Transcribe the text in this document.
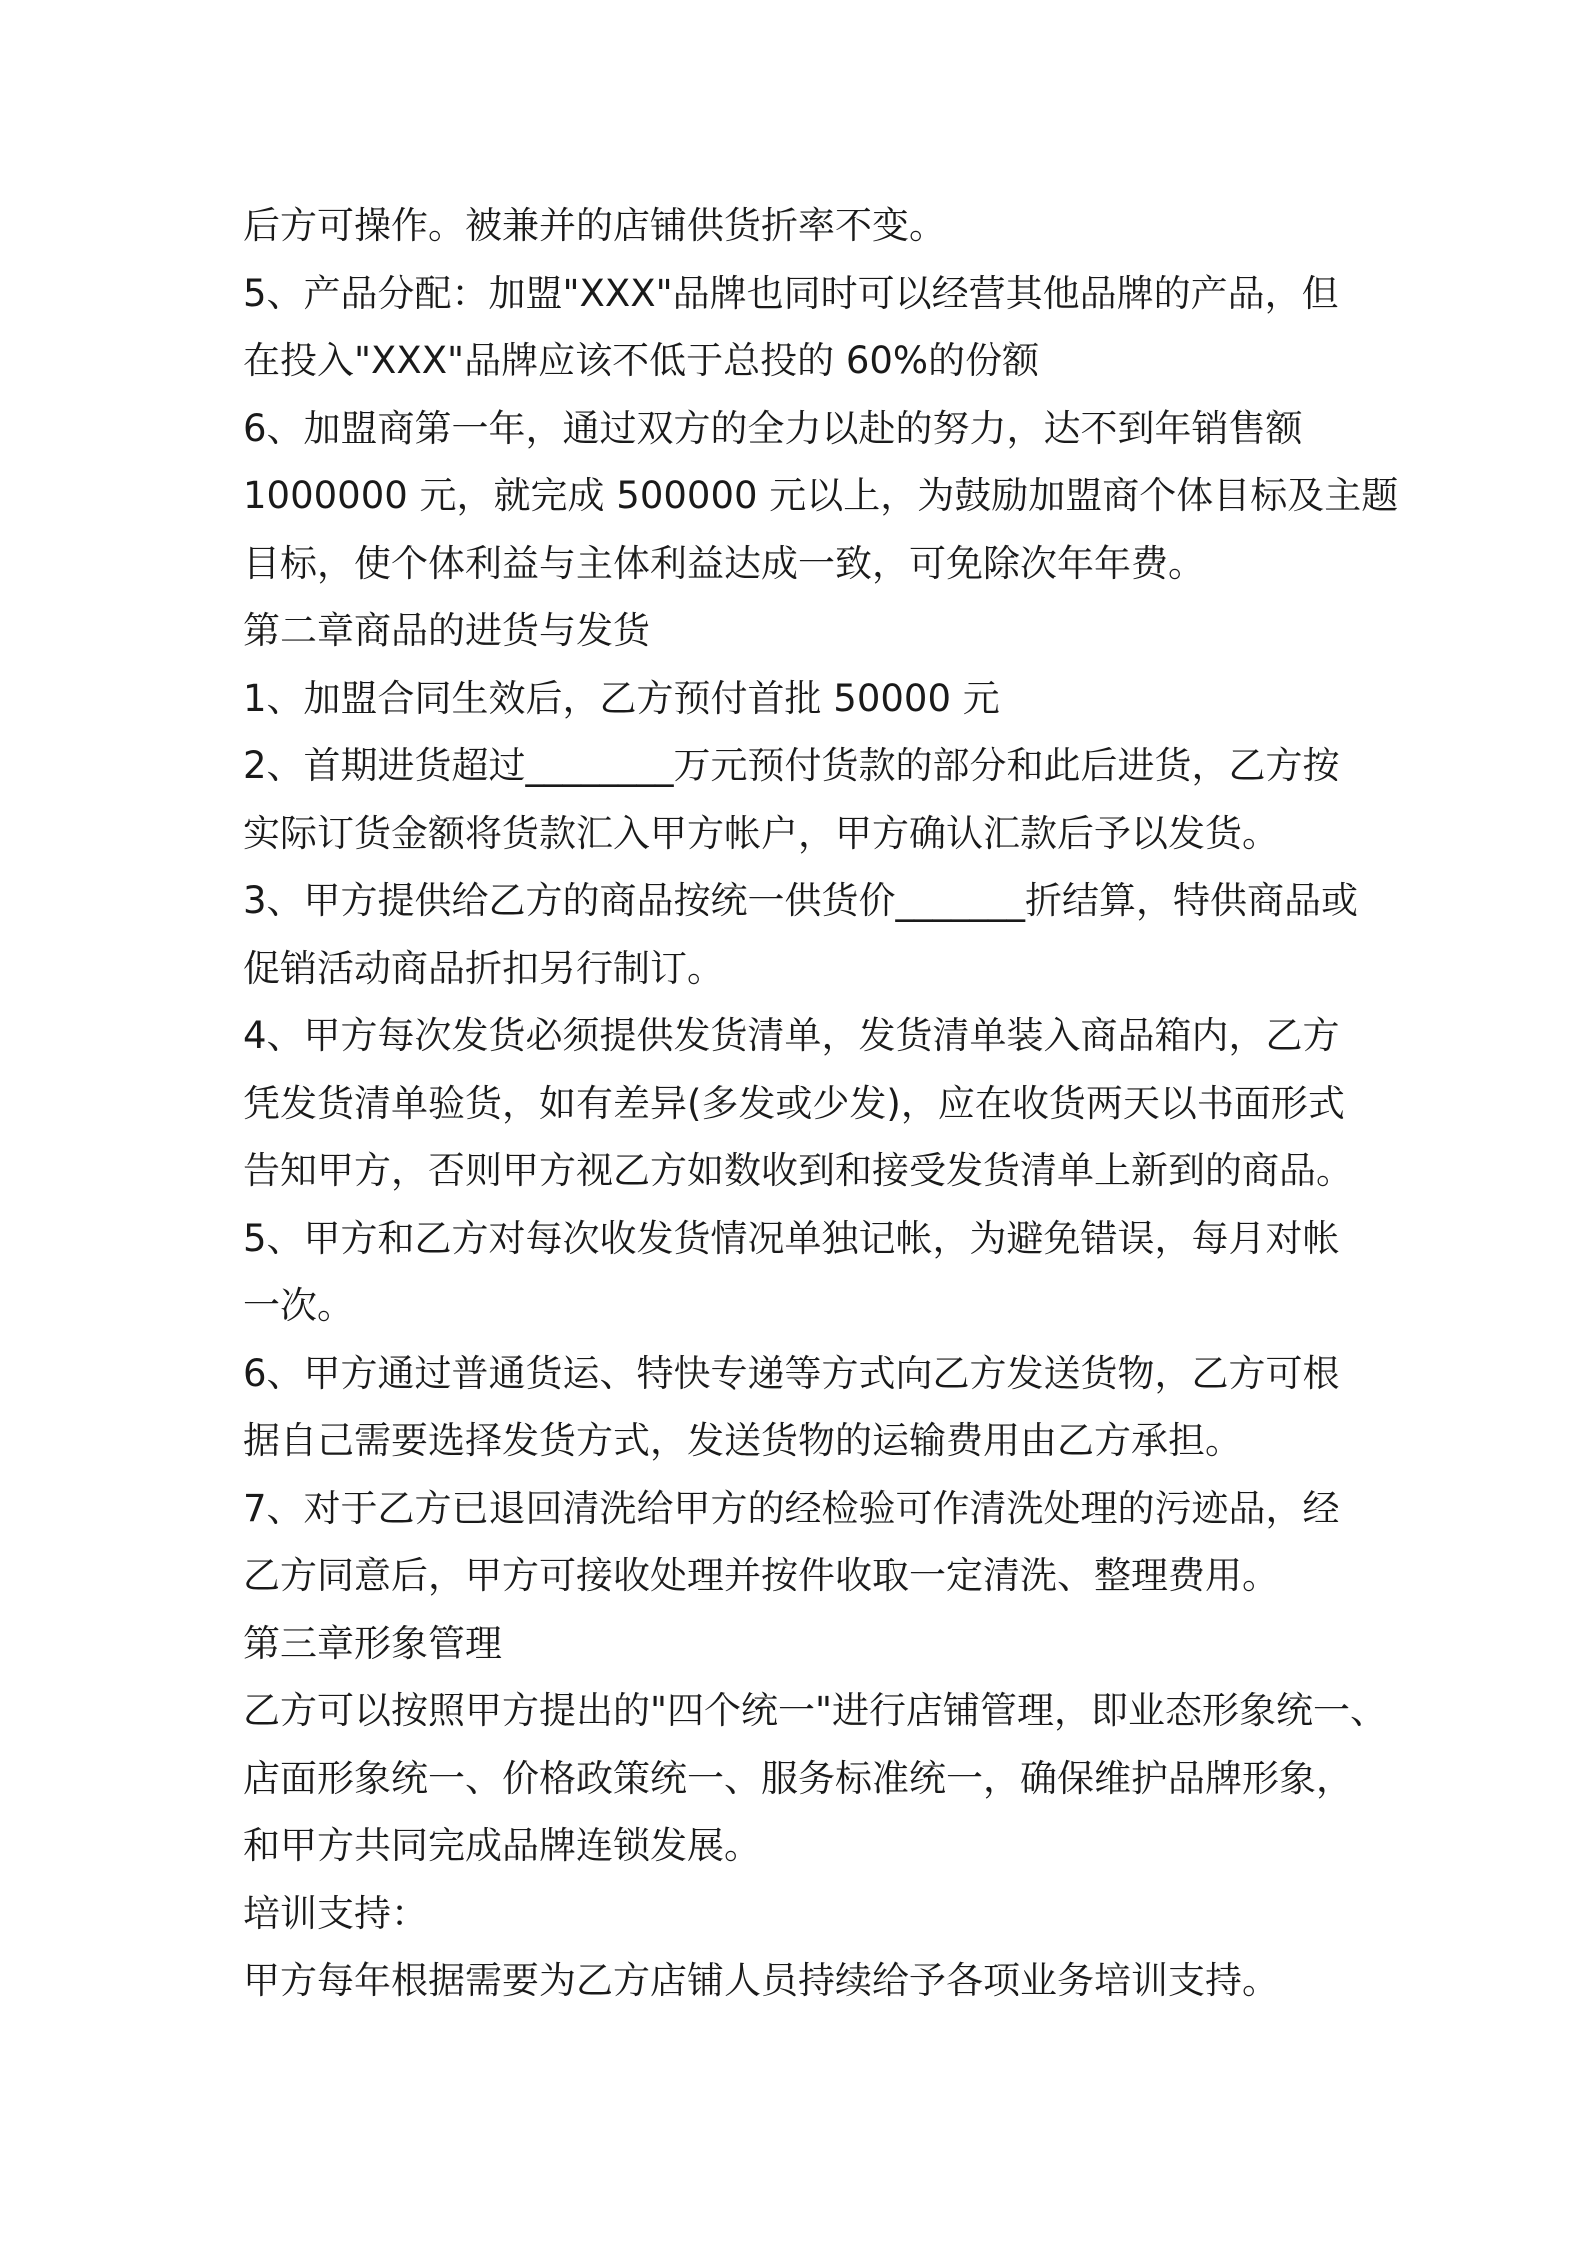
后方可操作。被兼并的店铺供货折率不变。
5、产品分配：加盟"XXX"品牌也同时可以经营其他品牌的产品，但
在投入"XXX"品牌应该不低于总投的 60%的份额
6、加盟商第一年，通过双方的全力以赴的努力，达不到年销售额
1000000 元，就完成 500000 元以上，为鼓励加盟商个体目标及主题
目标，使个体利益与主体利益达成一致，可免除次年年费。
第二章商品的进货与发货
1、加盟合同生效后，乙方预付首批 50000 元
2、首期进货超过________万元预付货款的部分和此后进货，乙方按
实际订货金额将货款汇入甲方帐户，甲方确认汇款后予以发货。
3、甲方提供给乙方的商品按统一供货价_______折结算，特供商品或
促销活动商品折扣另行制订。
4、甲方每次发货必须提供发货清单，发货清单装入商品箱内，乙方
凭发货清单验货，如有差异(多发或少发)，应在收货两天以书面形式
告知甲方，否则甲方视乙方如数收到和接受发货清单上新到的商品。
5、甲方和乙方对每次收发货情况单独记帐，为避免错误，每月对帐
一次。
6、甲方通过普通货运、特快专递等方式向乙方发送货物，乙方可根
据自己需要选择发货方式，发送货物的运输费用由乙方承担。
7、对于乙方已退回清洗给甲方的经检验可作清洗处理的污迹品，经
乙方同意后，甲方可接收处理并按件收取一定清洗、整理费用。
第三章形象管理
乙方可以按照甲方提出的"四个统一"进行店铺管理，即业态形象统一、
店面形象统一、价格政策统一、服务标准统一，确保维护品牌形象，
和甲方共同完成品牌连锁发展。
培训支持：
甲方每年根据需要为乙方店铺人员持续给予各项业务培训支持。
